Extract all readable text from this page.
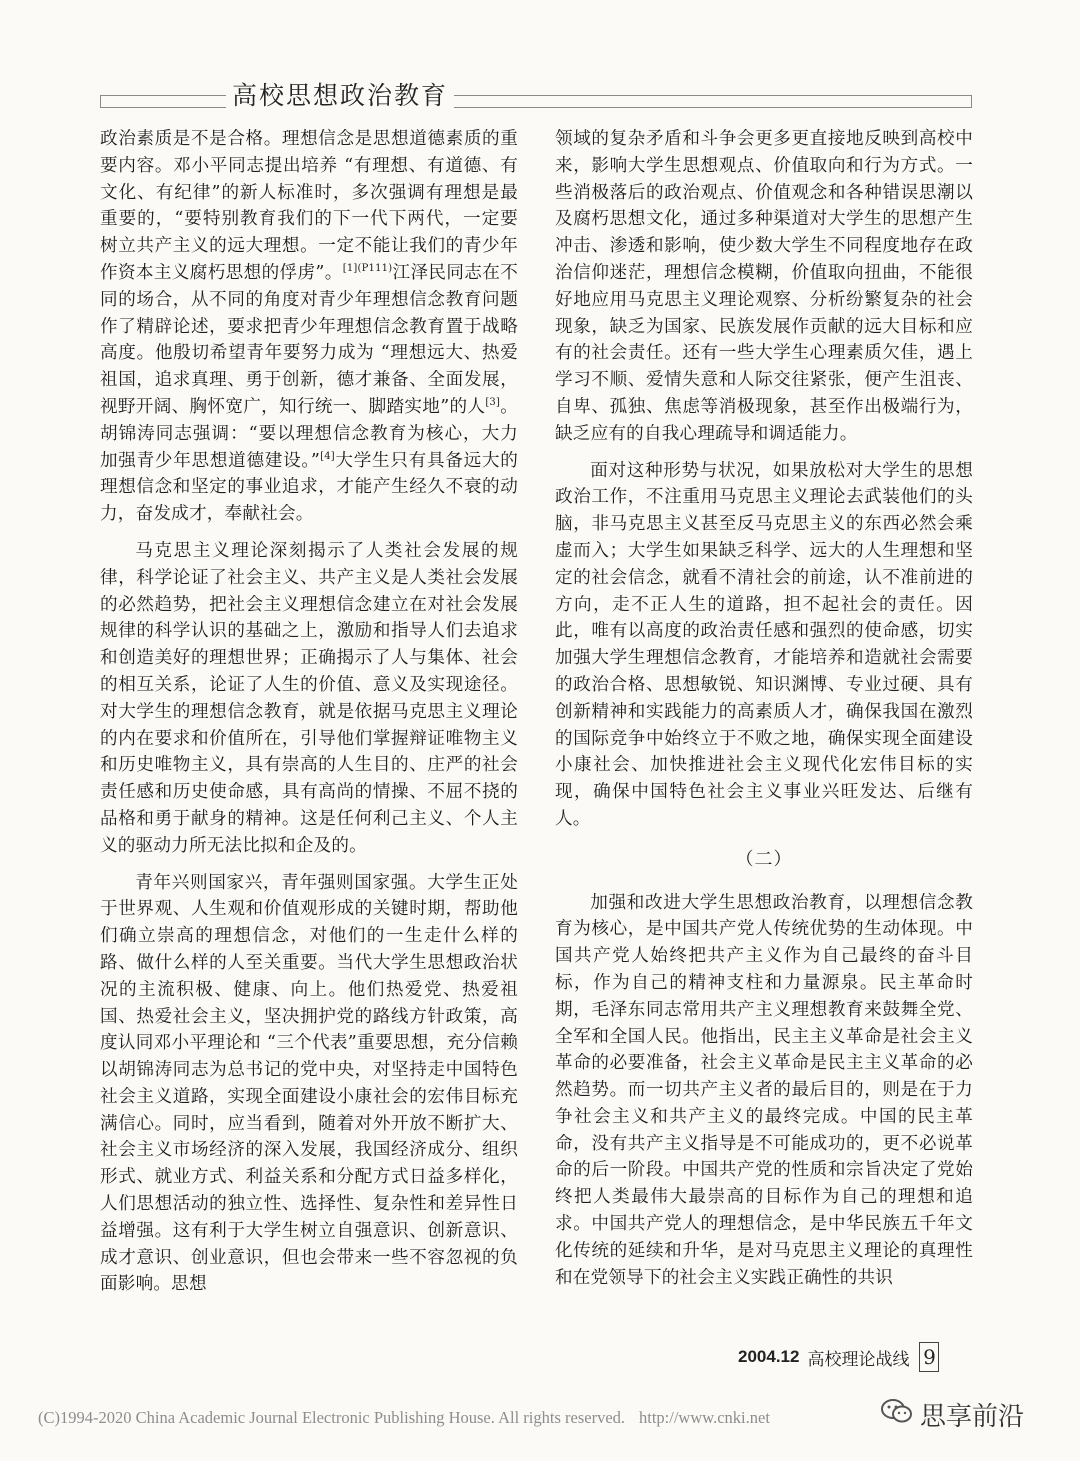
高校思想政治教育

政治素质是不是合格。理想信念是思想道德素质的重要内容。邓小平同志提出培养 “有理想、有道德、有文化、有纪律”的新人标准时，多次强调有理想是最重要的，“要特别教育我们的下一代下两代，一定要树立共产主义的远大理想。一定不能让我们的青少年作资本主义腐朽思想的俘虏”。$^{[1](P111)}$江泽民同志在不同的场合，从不同的角度对青少年理想信念教育问题作了精辟论述，要求把青少年理想信念教育置于战略高度。他殷切希望青年要努力成为 “理想远大、热爱祖国，追求真理、勇于创新，德才兼备、全面发展，视野开阔、胸怀宽广，知行统一、脚踏实地”的人[3]。胡锦涛同志强调：“要以理想信念教育为核心，大力加强青少年思想道德建设。”[4]大学生只有具备远大的理想信念和坚定的事业追求，才能产生经久不衰的动力，奋发成才，奉献社会。

马克思主义理论深刻揭示了人类社会发展的规律，科学论证了社会主义、共产主义是人类社会发展的必然趋势，把社会主义理想信念建立在对社会发展规律的科学认识的基础之上，激励和指导人们去追求和创造美好的理想世界；正确揭示了人与集体、社会的相互关系，论证了人生的价值、意义及实现途径。对大学生的理想信念教育，就是依据马克思主义理论的内在要求和价值所在，引导他们掌握辩证唯物主义和历史唯物主义，具有崇高的人生目的、庄严的社会责任感和历史使命感，具有高尚的情操、不屈不挠的品格和勇于献身的精神。这是任何利己主义、个人主义的驱动力所无法比拟和企及的。

青年兴则国家兴，青年强则国家强。大学生正处于世界观、人生观和价值观形成的关键时期，帮助他们确立崇高的理想信念，对他们的一生走什么样的路、做什么样的人至关重要。当代大学生思想政治状况的主流积极、健康、向上。他们热爱党、热爱祖国、热爱社会主义，坚决拥护党的路线方针政策，高度认同邓小平理论和 “三个代表”重要思想，充分信赖以胡锦涛同志为总书记的党中央，对坚持走中国特色社会主义道路，实现全面建设小康社会的宏伟目标充满信心。同时，应当看到，随着对外开放不断扩大、社会主义市场经济的深入发展，我国经济成分、组织形式、就业方式、利益关系和分配方式日益多样化，人们思想活动的独立性、选择性、复杂性和差异性日益增强。这有利于大学生树立自强意识、创新意识、成才意识、创业意识，但也会带来一些不容忽视的负面影响。思想

领域的复杂矛盾和斗争会更多更直接地反映到高校中来，影响大学生思想观点、价值取向和行为方式。一些消极落后的政治观点、价值观念和各种错误思潮以及腐朽思想文化，通过多种渠道对大学生的思想产生冲击、渗透和影响，使少数大学生不同程度地存在政治信仰迷茫，理想信念模糊，价值取向扭曲，不能很好地应用马克思主义理论观察、分析纷繁复杂的社会现象，缺乏为国家、民族发展作贡献的远大目标和应有的社会责任。还有一些大学生心理素质欠佳，遇上学习不顺、爱情失意和人际交往紧张，便产生沮丧、自卑、孤独、焦虑等消极现象，甚至作出极端行为，缺乏应有的自我心理疏导和调适能力。

面对这种形势与状况，如果放松对大学生的思想政治工作，不注重用马克思主义理论去武装他们的头脑，非马克思主义甚至反马克思主义的东西必然会乘虚而入；大学生如果缺乏科学、远大的人生理想和坚定的社会信念，就看不清社会的前途，认不准前进的方向，走不正人生的道路，担不起社会的责任。因此，唯有以高度的政治责任感和强烈的使命感，切实加强大学生理想信念教育，才能培养和造就社会需要的政治合格、思想敏锐、知识渊博、专业过硬、具有创新精神和实践能力的高素质人才，确保我国在激烈的国际竞争中始终立于不败之地，确保实现全面建设小康社会、加快推进社会主义现代化宏伟目标的实现，确保中国特色社会主义事业兴旺发达、后继有人。

（二）

加强和改进大学生思想政治教育，以理想信念教育为核心，是中国共产党人传统优势的生动体现。中国共产党人始终把共产主义作为自己最终的奋斗目标，作为自己的精神支柱和力量源泉。民主革命时期，毛泽东同志常用共产主义理想教育来鼓舞全党、全军和全国人民。他指出，民主主义革命是社会主义革命的必要准备，社会主义革命是民主主义革命的必然趋势。而一切共产主义者的最后目的，则是在于力争社会主义和共产主义的最终完成。中国的民主革命，没有共产主义指导是不可能成功的，更不必说革命的后一阶段。中国共产党的性质和宗旨决定了党始终把人类最伟大最崇高的目标作为自己的理想和追求。中国共产党人的理想信念，是中华民族五千年文化传统的延续和升华，是对马克思主义理论的真理性和在党领导下的社会主义实践正确性的共识

2004.12 高校理论战线 9
(C)1994-2020 China Academic Journal Electronic Publishing House. All rights reserved. http://www.cnki.net	思享前沿
